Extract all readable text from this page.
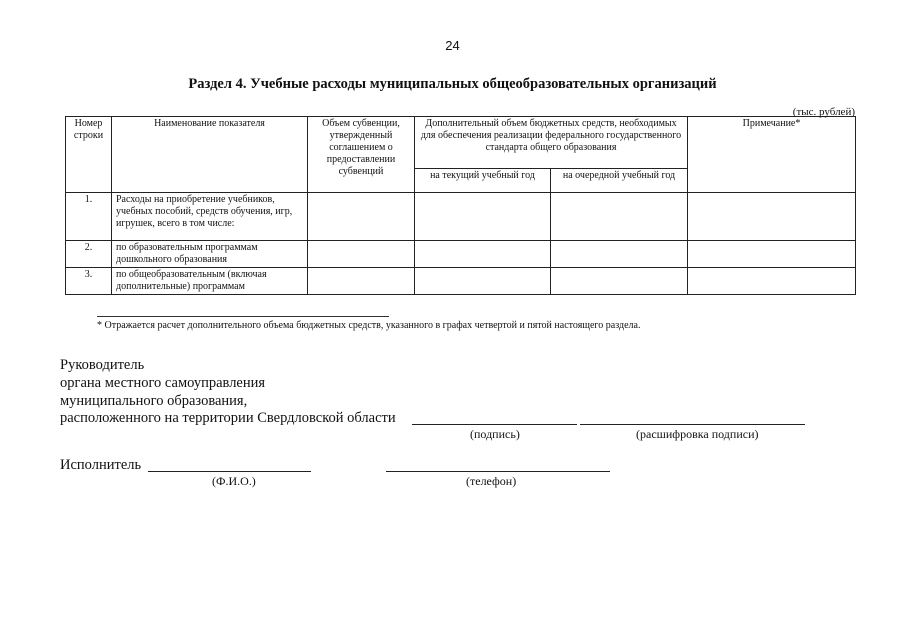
24
Раздел 4. Учебные расходы муниципальных общеобразовательных организаций
(тыс. рублей)
Номер строки	Наименование показателя	Объем субвенции, утвержденный соглашением о предоставлении субвенций	Дополнительный объем бюджетных средств, необходимых для обеспечения реализации федерального государственного стандарта общего образования		Примечание*
			на текущий учебный год	на очередной учебный год	
1.	Расходы на приобретение учебников, учебных пособий, средств обучения, игр, игрушек, всего в том числе:				
2.	по образовательным программам дошкольного образования				
3.	по общеобразовательным (включая дополнительные) программам				
* Отражается расчет дополнительного объема бюджетных средств, указанного в графах четвертой и пятой настоящего раздела.
Руководитель
органа местного самоуправления
муниципального образования,
расположенного на территории Свердловской области
(подпись)	(расшифровка подписи)
Исполнитель
(Ф.И.О.)	(телефон)
